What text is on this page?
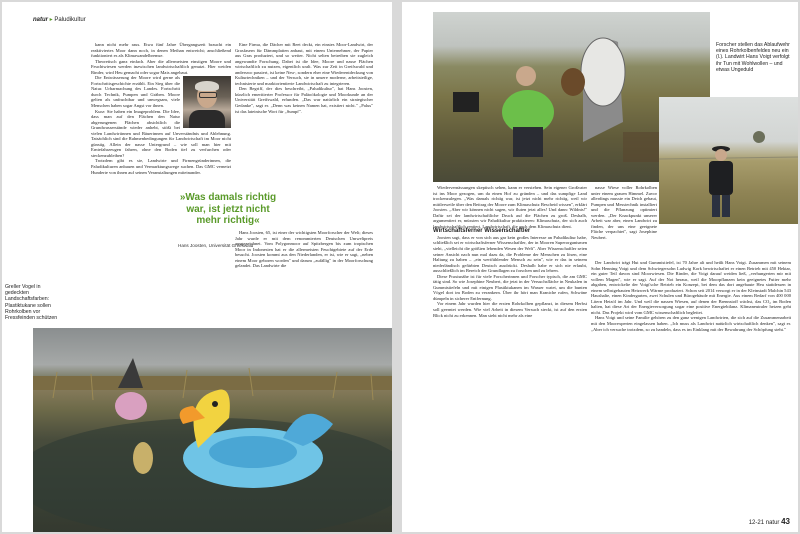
natur ▸ Paludikultur
Greller Vogel in gedeckten Landschaftsfarben: Plastiktukane sollen Rohrkolben vor Fressfeinden schützen

kann nicht mehr raus. Etwa fünf Jahre Übergangszeit braucht ein reaktiviertes Moor dann noch, in denen Methan entweicht; anschließend funktioniert es als Klimawandelbremse.

Theoretisch ganz einfach. Aber die allermeisten einstigen Moore und Feuchtwiesen werden inzwischen landwirtschaftlich genutzt. Hier weiden Rinder, wird Heu gemacht oder sogar Mais angebaut.

Die Entwässerung der Moore wird gerne als Fortschrittsgeschichte erzählt. Ein Sieg über die Natur. Urbarmachung des Landes. Fortschritt durch Technik, Pumpen und Gräben. Moore gelten als unfruchtbar und unwegsam, viele Menschen haben sogar Angst vor ihnen.

Kurz: Sie haben ein Imageproblem. Die Idee, dass man auf den Flächen den Natur abgerungenen Flächen absichtlich die Grundwasserstände wieder anhebt, stößt bei vielen Landwirtinnen und Bäuerinnen auf Unverständnis und Ablehnung. Tatsächlich sind die Rahmenbedingungen für Landwirtschaft im Moor nicht günstig. Allein der nasse Untergrund – wie soll man hier mit Erntefahrzeugen fahren, ohne den Boden tief zu verfurchen oder steckenzubleiben?

Trotzdem gibt es sie, Landwirte und Firmengründerinnen, die Paludikulturen anbauen und Vermarktungswege suchen. Das GMC vernetzt Hunderte von ihnen auf seinen Veranstaltungen miteinander.

Eine Firma, die Dächer mit Reet deckt, ein einstes Moor-Landwirt, der Grasfasern für Dämmplatten anbaut, mit einem Unternehmer, der Papier aus Gras produziert, und so weiter. Nicht selten betreiben sie zugleich angewandte Forschung. Dabei ist die Idee, Moore und nasse Flächen wirtschaftlich zu nutzen, eigentlich uralt. Was zur Zeit in Greifswald und anderswo passiert, ist keine Neu-, sondern eher eine Wiederentdeckung von Kulturtechniken – und der Versuch, sie in unsere moderne, arbeitsteilige, technisierte und marktorientierte Landwirtschaft zu integrieren.

Den Begriff, der dies beschreibt, „Paludikultur", hat Hans Joosten, kürzlich emeritierter Professor für Paläoökologie und Moorkunde an der Universität Greifswald, erfunden. „Das war natürlich ein strategischer Gedanke", sagt er. „Denn was keinen Namen hat, existiert nicht." „Palus" ist das lateinische Wort für „Sumpf".

Hans Joosten, 65, ist einer der wichtigsten Moorforscher der Welt; dieses Jahr wurde er mit dem renommierten Deutschen Umweltpreis ausgezeichnet. Vom Polygonmoor auf Spitzbergen bis zum tropischen Moor in Indonesien hat er die allermeisten Feuchtgebiete auf der Erde besucht. Joosten kommt aus den Niederlanden, er ist, wie er sagt, „neben einem Moor geboren worden" und darum „zufällig" in der Moorforschung gelandet. Das Landwirte die

»Was damals richtig war, ist jetzt nicht mehr richtig«
Hans Joosten, Universität Greifswald
Forscher stellen das Ablaufwehr eines Rohrkolbenfeldes neu ein (l.). Landwirt Hans Voigt verfolgt ihr Tun mit Wohlwollen – und etwas Ungeduld

Wiedervernässungen skeptisch sehen, kann er verstehen. Sein eigener Großvater ist ins Moor gezogen, um da einen Hof zu gründen – und das sumpfige Land trockenzulegen. „Was damals richtig war, ist jetzt nicht mehr richtig, weil wir mittlerweile über den Beitrag der Moore zum Klimaschutz Bescheid wissen", erklärt Joosten. „Aber wir können nicht sagen, wir fluten jetzt alles! Und dann: Wildnis!" Dafür sei der landwirtschaftliche Druck auf die Flächen zu groß. Deshalb, argumentiert er, müssten wir Paludikultur praktizieren: Klimaschutz, der sich auch landwirtschaftlich rentiert. Landwirtschaft, die auch dem Klimaschutz dient.

Wirtschaftsferner Wissenschaftler

Joosten sagt, dass er von sich aus gar kein großes Interesse an Paludikultur habe, schließlich sei er wirtschaftsferner Wissenschaftler, der in Mooren Superorganismen sieht, „vielleicht die größten lebenden Wesen der Welt". Aber Wissenschaftler seien seiner Ansicht nach nun mal dazu da, die Probleme der Menschen zu lösen, eine Haltung zu haben – „ein wertfühlender Mensch zu sein", wie er das in seinem niederländisch gefärbten Deutsch ausdrückt. Deshalb habe er sich nie erlaubt, ausschließlich im Bereich der Grundlagen zu forschen und zu lehren.

Diese Praxisnähe ist für viele Forscherinnen und Forscher typisch, die am GMC tätig sind. So wie Josephine Neubert, die jetzt in der Versuchsfläche in Neukalen in Gummistiefeln und mit einigen Plastiktukanen im Wasser watet, um die bunten Vögel dort im Boden zu verankern. Über ihr hört man Kraniche rufen, Schwäne dümpeln in sicherer Entfernung.

Vor einem Jahr wurden hier die ersten Rohrkolben gepflanzt, in diesem Herbst soll geerntet werden. Wie viel Arbeit in diesem Versuch steckt, ist auf den ersten Blick nicht zu erkennen. Man sieht nicht mehr als eine

nasse Wiese voller Rohrkolben unter einem grauen Himmel. Zuvor allerdings musste ein Deich gebaut, Pumpen und Messtechnik installiert und die Pflanzung optimiert werden. „Der Knackpunkt unserer Arbeit war aber, einen Landwirt zu finden, der uns eine geeignete Fläche verpachtet", sagt Josephine Neubert.

Der Landwirt trägt Hut und Gummistiefel, ist 70 Jahre alt und heißt Hans Voigt. Zusammen mit seinem Sohn Henning Voigt und dem Schwiegersohn Ludwig Kork bewirtschaftet er einen Betrieb mit 450 Hektar, ein guter Teil davon sind Moorwiesen. Die Rinder, die Voigt darauf weiden ließ, „verhungerten mir mit vollem Magen", wie er sagt. Auf der Not heraus, weil die Moorpflanzen kein geeignetes Futter mehr abgaben, entwickelte der Voigt'sche Betrieb ein Konzept, bei dem das dort angebaute Heu stattdessen in einem selbstgebauten Heizwerk Wärme produziert. Schon seit 2014 versorgt er in der Kleinstadt Malchin 543 Haushalte, einen Kindergarten, zwei Schulen und Bürogebäude mit Energie. Aus einem Bedarf von 400 000 Litern Heizöl im Jahr. Und weil die nassen Wiesen, auf denen der Brennstoff wächst, das CO₂ im Boden halten, hat diese Art der Energieversorgung sogar eine positive Energiebilanz. Klimaneutraler heizen geht nicht. Das Projekt wird vom GMC wissenschaftlich begleitet.

Hans Voigt und seine Familie gehören zu den ganz wenigen Landwirten, die sich auf die Zusammenarbeit mit den Moorexperten eingelassen haben. „Ich muss als Landwirt natürlich wirtschaftlich denken", sagt er. „Aber ich versuche trotzdem, so zu handeln, dass es im Einklang mit der Bewahrung der Schöpfung steht."

12-21 natur 43
